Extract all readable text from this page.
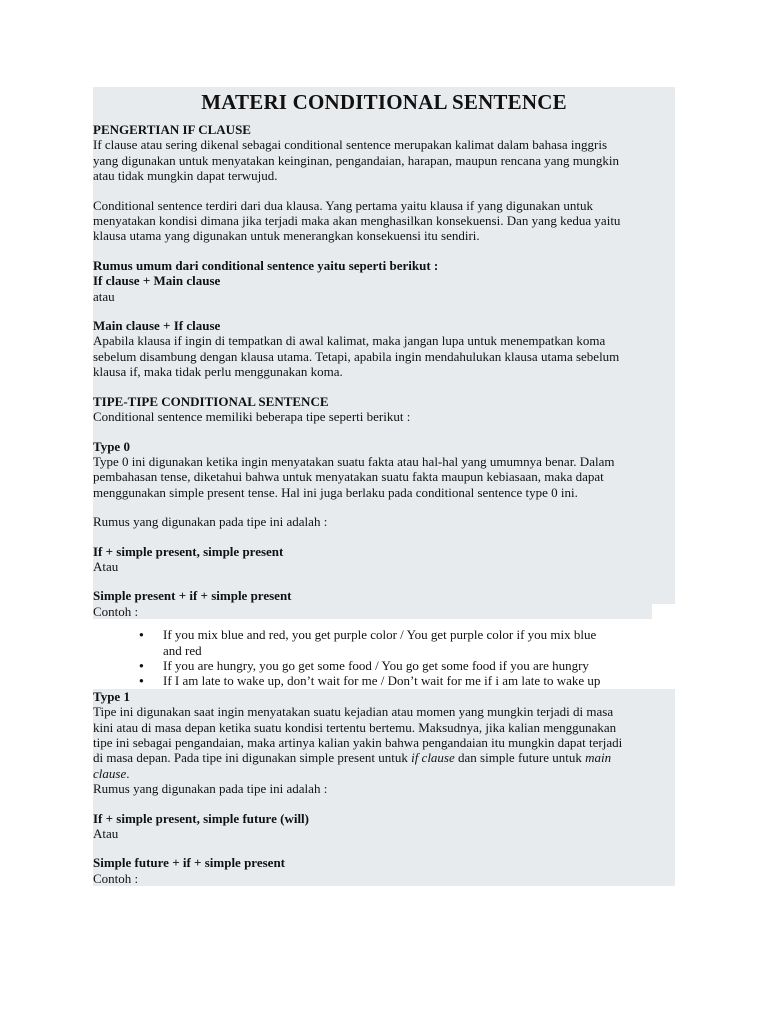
MATERI CONDITIONAL SENTENCE

PENGERTIAN IF CLAUSE

If clause atau sering dikenal sebagai conditional sentence merupakan kalimat dalam bahasa inggris

yang digunakan untuk menyatakan keinginan, pengandaian, harapan, maupun rencana yang mungkin

atau tidak mungkin dapat terwujud.

Conditional sentence terdiri dari dua klausa. Yang pertama yaitu klausa if yang digunakan untuk

menyatakan kondisi dimana jika terjadi maka akan menghasilkan konsekuensi. Dan yang kedua yaitu

klausa utama yang digunakan untuk menerangkan konsekuensi itu sendiri.

Rumus umum dari conditional sentence yaitu seperti berikut :

If clause + Main clause

atau

Main clause + If clause

Apabila klausa if ingin di tempatkan di awal kalimat, maka jangan lupa untuk menempatkan koma

sebelum disambung dengan klausa utama. Tetapi, apabila ingin mendahulukan klausa utama sebelum

klausa if, maka tidak perlu menggunakan koma.

TIPE-TIPE CONDITIONAL SENTENCE

Conditional sentence memiliki beberapa tipe seperti berikut :

Type 0

Type 0 ini digunakan ketika ingin menyatakan suatu fakta atau hal-hal yang umumnya benar. Dalam

pembahasan tense, diketahui bahwa untuk menyatakan suatu fakta maupun kebiasaan, maka dapat

menggunakan simple present tense. Hal ini juga berlaku pada conditional sentence type 0 ini.

Rumus yang digunakan pada tipe ini adalah :

If + simple present, simple present

Atau

Simple present + if + simple present

Contoh :

● If you mix blue and red, you get purple color / You get purple color if you mix blue
and red
● If you are hungry, you go get some food / You go get some food if you are hungry
● If I am late to wake up, don’t wait for me / Don’t wait for me if i am late to wake up

Type 1

Tipe ini digunakan saat ingin menyatakan suatu kejadian atau momen yang mungkin terjadi di masa

kini atau di masa depan ketika suatu kondisi tertentu bertemu. Maksudnya, jika kalian menggunakan

tipe ini sebagai pengandaian, maka artinya kalian yakin bahwa pengandaian itu mungkin dapat terjadi

di masa depan. Pada tipe ini digunakan simple present untuk if clause dan simple future untuk main

clause.

Rumus yang digunakan pada tipe ini adalah :

If + simple present, simple future (will)

Atau

Simple future + if + simple present

Contoh :
